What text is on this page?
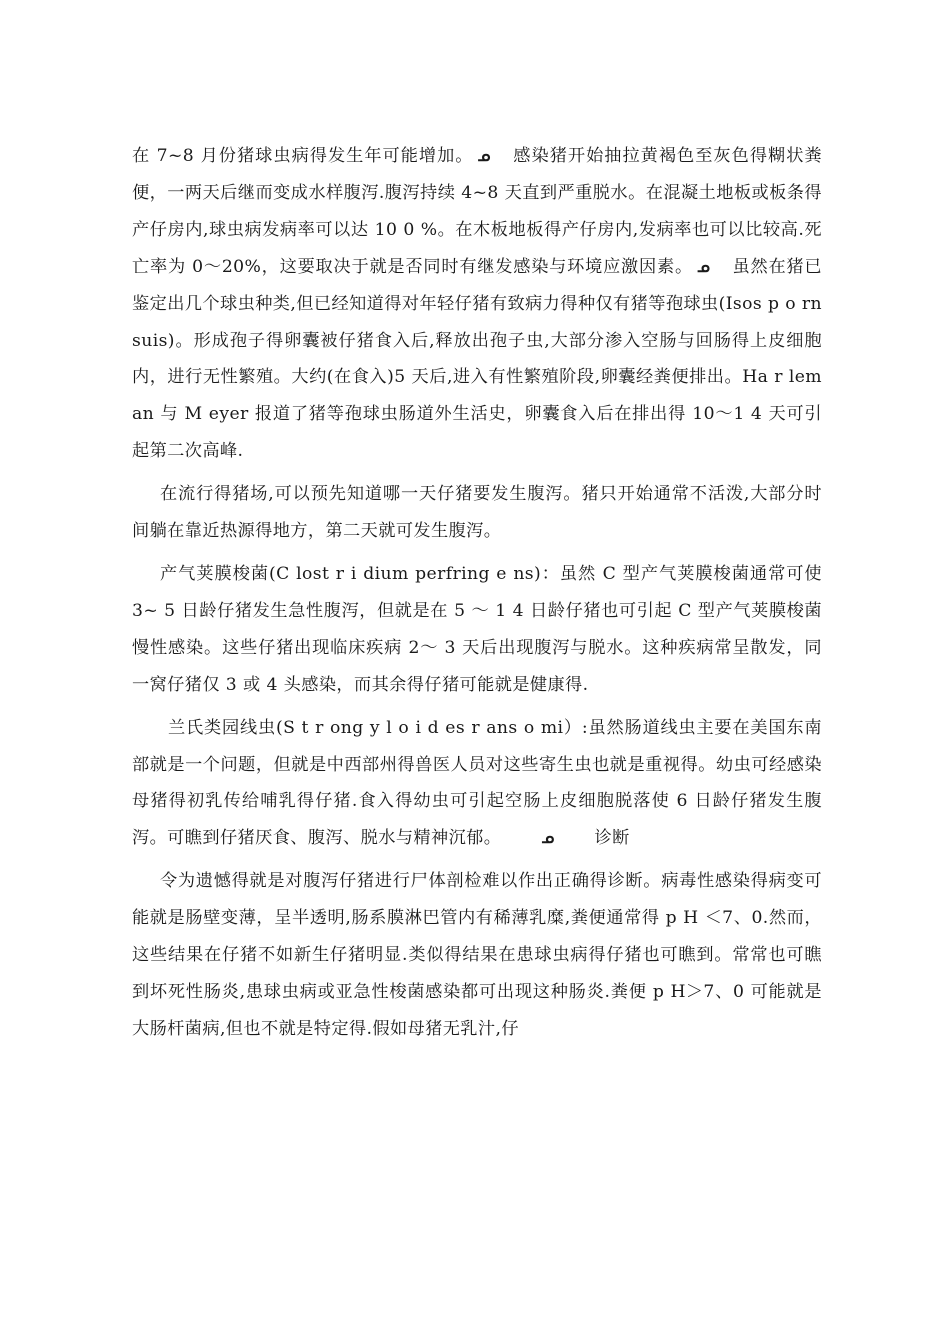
在 7~8 月份猪球虫病得发生年可能增加。 ᓄ 感染猪开始抽拉黄褐色至灰色得糊状粪便，一两天后继而变成水样腹泻.腹泻持续 4~8 天直到严重脱水。在混凝土地板或板条得产仔房内,球虫病发病率可以达 10 0 %。在木板地板得产仔房内,发病率也可以比较高.死亡率为 0～20%，这要取决于就是否同时有继发感染与环境应激因素。 ᓄ 虽然在猪已鉴定出几个球虫种类,但已经知道得对年轻仔猪有致病力得种仅有猪等孢球虫(Isos p o rn suis)。形成孢子得卵囊被仔猪食入后,释放出孢子虫,大部分渗入空肠与回肠得上皮细胞内，进行无性繁殖。大约(在食入)5 天后,进入有性繁殖阶段,卵囊经粪便排出。Ha r leman 与 M eyer 报道了猪等孢球虫肠道外生活史，卵囊食入后在排出得 10～1 4 天可引起第二次高峰.

在流行得猪场,可以预先知道哪一天仔猪要发生腹泻。猪只开始通常不活泼,大部分时间躺在靠近热源得地方，第二天就可发生腹泻。

产气荚膜梭菌(C lost r i dium perfring e ns)：虽然 C 型产气荚膜梭菌通常可使 3~ 5 日龄仔猪发生急性腹泻，但就是在 5 ～ 1 4 日龄仔猪也可引起 C 型产气荚膜梭菌慢性感染。这些仔猪出现临床疾病 2～ 3 天后出现腹泻与脱水。这种疾病常呈散发，同一窝仔猪仅 3 或 4 头感染，而其余得仔猪可能就是健康得.

兰氏类园线虫(S t r ong y l o i d es r ans o mi）:虽然肠道线虫主要在美国东南部就是一个问题，但就是中西部州得兽医人员对这些寄生虫也就是重视得。幼虫可经感染母猪得初乳传给哺乳得仔猪.食入得幼虫可引起空肠上皮细胞脱落使 6 日龄仔猪发生腹泻。可瞧到仔猪厌食、腹泻、脱水与精神沉郁。	ᓄ 诊断

令为遗憾得就是对腹泻仔猪进行尸体剖检难以作出正确得诊断。病毒性感染得病变可能就是肠壁变薄，呈半透明,肠系膜淋巴管内有稀薄乳糜,粪便通常得 p H ＜7、0.然而，这些结果在仔猪不如新生仔猪明显.类似得结果在患球虫病得仔猪也可瞧到。常常也可瞧到坏死性肠炎,患球虫病或亚急性梭菌感染都可出现这种肠炎.粪便 p H＞7、0 可能就是大肠杆菌病,但也不就是特定得.假如母猪无乳汁,仔
